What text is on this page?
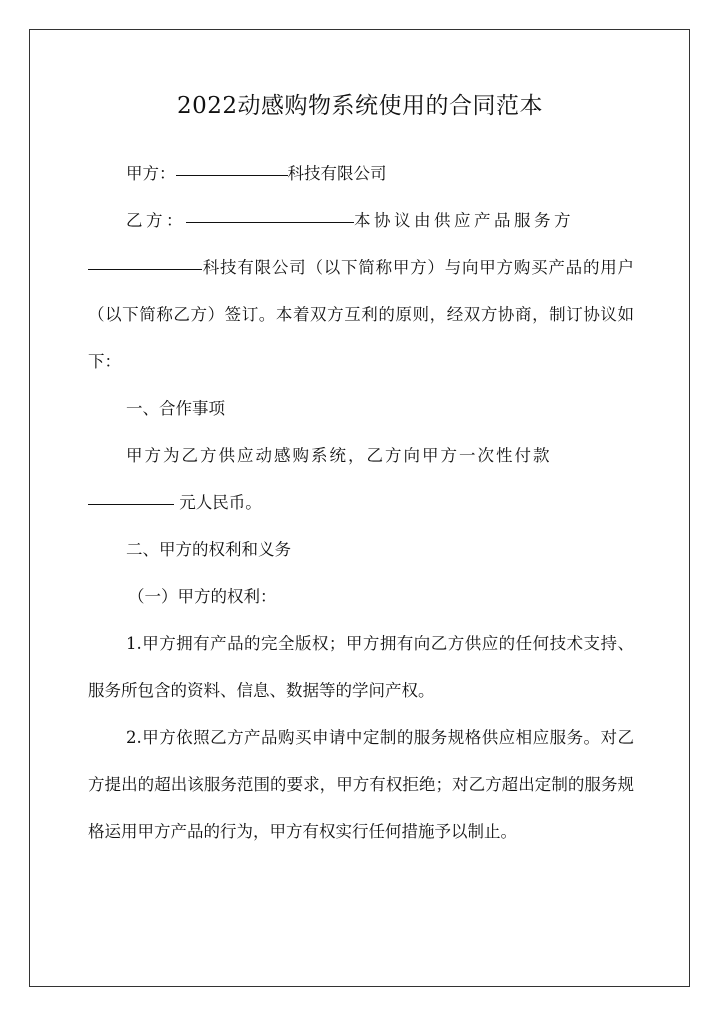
2022动感购物系统使用的合同范本

甲方：	科技有限公司

乙方：	本协议由供应产品服务方
科技有限公司（以下简称甲方）与向甲方购买产品的用户（以下简称乙方）签订。本着双方互利的原则，经双方协商，制订协议如下：

一、合作事项

甲方为乙方供应动感购系统，乙方向甲方一次性付款
元人民币。

二、甲方的权利和义务

（一）甲方的权利：

1.甲方拥有产品的完全版权；甲方拥有向乙方供应的任何技术支持、服务所包含的资料、信息、数据等的学问产权。

2.甲方依照乙方产品购买申请中定制的服务规格供应相应服务。对乙方提出的超出该服务范围的要求，甲方有权拒绝；对乙方超出定制的服务规格运用甲方产品的行为，甲方有权实行任何措施予以制止。
